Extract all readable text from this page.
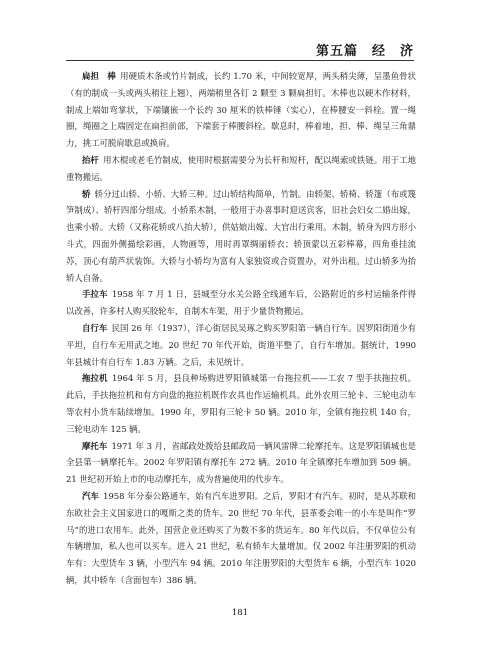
第五篇　经　济

扁担　棒 用硬质木条或竹片制成，长约 1.70 米，中间较宽厚，两头稍尖薄，呈墨鱼骨状（有的制成一头或两头稍往上翘），两端稍里各钉 2 颗至 3 颗扁担钉。木棒也以硬木作材料，制成上端如弯掌状，下端镶嵌一个长约 30 厘米的铁棒锤（实心），在棒腰安一斜栓。置一绳圈，绳圈之上端固定在扁担前部，下端套于棒腰斜栓。歇息时，棒着地，担、棒、绳呈三角鼎力，挑工可脱肩歇息或换肩。

抬杆 用木棍或老毛竹制成，使用时根据需要分为长杆和短杆，配以绳索或铁链。用于工地重物搬运。

轿 轿分过山轿、小轿、大轿三种。过山轿结构简单，竹制。由轿架、轿椅、轿篷（布或篾笋制成）、轿杆四部分组成。小轿系木制，一般用于办喜事时迎送宾客，旧社会妇女二婚出嫁，也乘小轿。大轿（又称花轿或八抬大轿），供姑娘出嫁、大官出行乘用。木制，轿身为四方形小斗式，四面外侧描绘彩画，人物画等，用时再罩绸丽轿衣；轿顶蒙以五彩棒幕，四角垂挂流苏，顶心有葫芦状装饰。大轿与小轿均为富有人家独资或合资置办，对外出租。过山轿多为抬轿人自备。

手拉车 1958 年 7 月 1 日，县城至分水关公路全线通车后，公路附近的乡村运输条件得以改善，许多村人购买胶轮车，自制木车架，用于少量货物搬运。

自行车 民国 26 年（1937），洋心街居民吴琢之购买罗阳第一辆自行车。因罗阳街道少有平坦，自行车无用武之地。20 世纪 70 年代开始，街道平整了，自行车增加。据统计，1990 年县城计有自行车 1.83 万辆。之后，未见统计。

拖拉机 1964 年 5 月，县良种场购进罗阳镇城第一台拖拉机——工农 7 型手扶拖拉机。此后，手扶拖拉机和有方向盘的拖拉机既作农具也作运输机具。此外农用三轮卡、三轮电动车等农村小货车陆续增加。1990 年，罗阳有三轮卡 50 辆。2010 年，全镇有拖拉机 140 台，三轮电动车 125 辆。

摩托车 1971 年 3 月，省邮政处拨给县邮政局一辆风雷牌二轮摩托车。这是罗阳镇城也是全县第一辆摩托车。2002 年罗阳镇有摩托车 272 辆。2010 年全镇摩托车增加到 509 辆。21 世纪初开始上市的电动摩托车，成为普遍使用的代步车。

汽车 1958 年分泰公路通车，始有汽车进罗阳。之后，罗阳才有汽车。初时，是从苏联和东欧社会主义国家进口的嘎斯之类的货车。20 世纪 70 年代，县革委会唯一的小车是叫作“罗马”的进口农用车。此外，国营企业还购买了为数不多的货运车。80 年代以后，不仅单位公有车辆增加，私人也可以买车。进入 21 世纪，私有轿车大量增加。仅 2002 年注册罗阳的机动车有：大型货车 3 辆，小型汽车 94 辆。2010 年注册罗阳的大型货车 6 辆，小型汽车 1020 辆，其中轿车（含面包车）386 辆。

181
